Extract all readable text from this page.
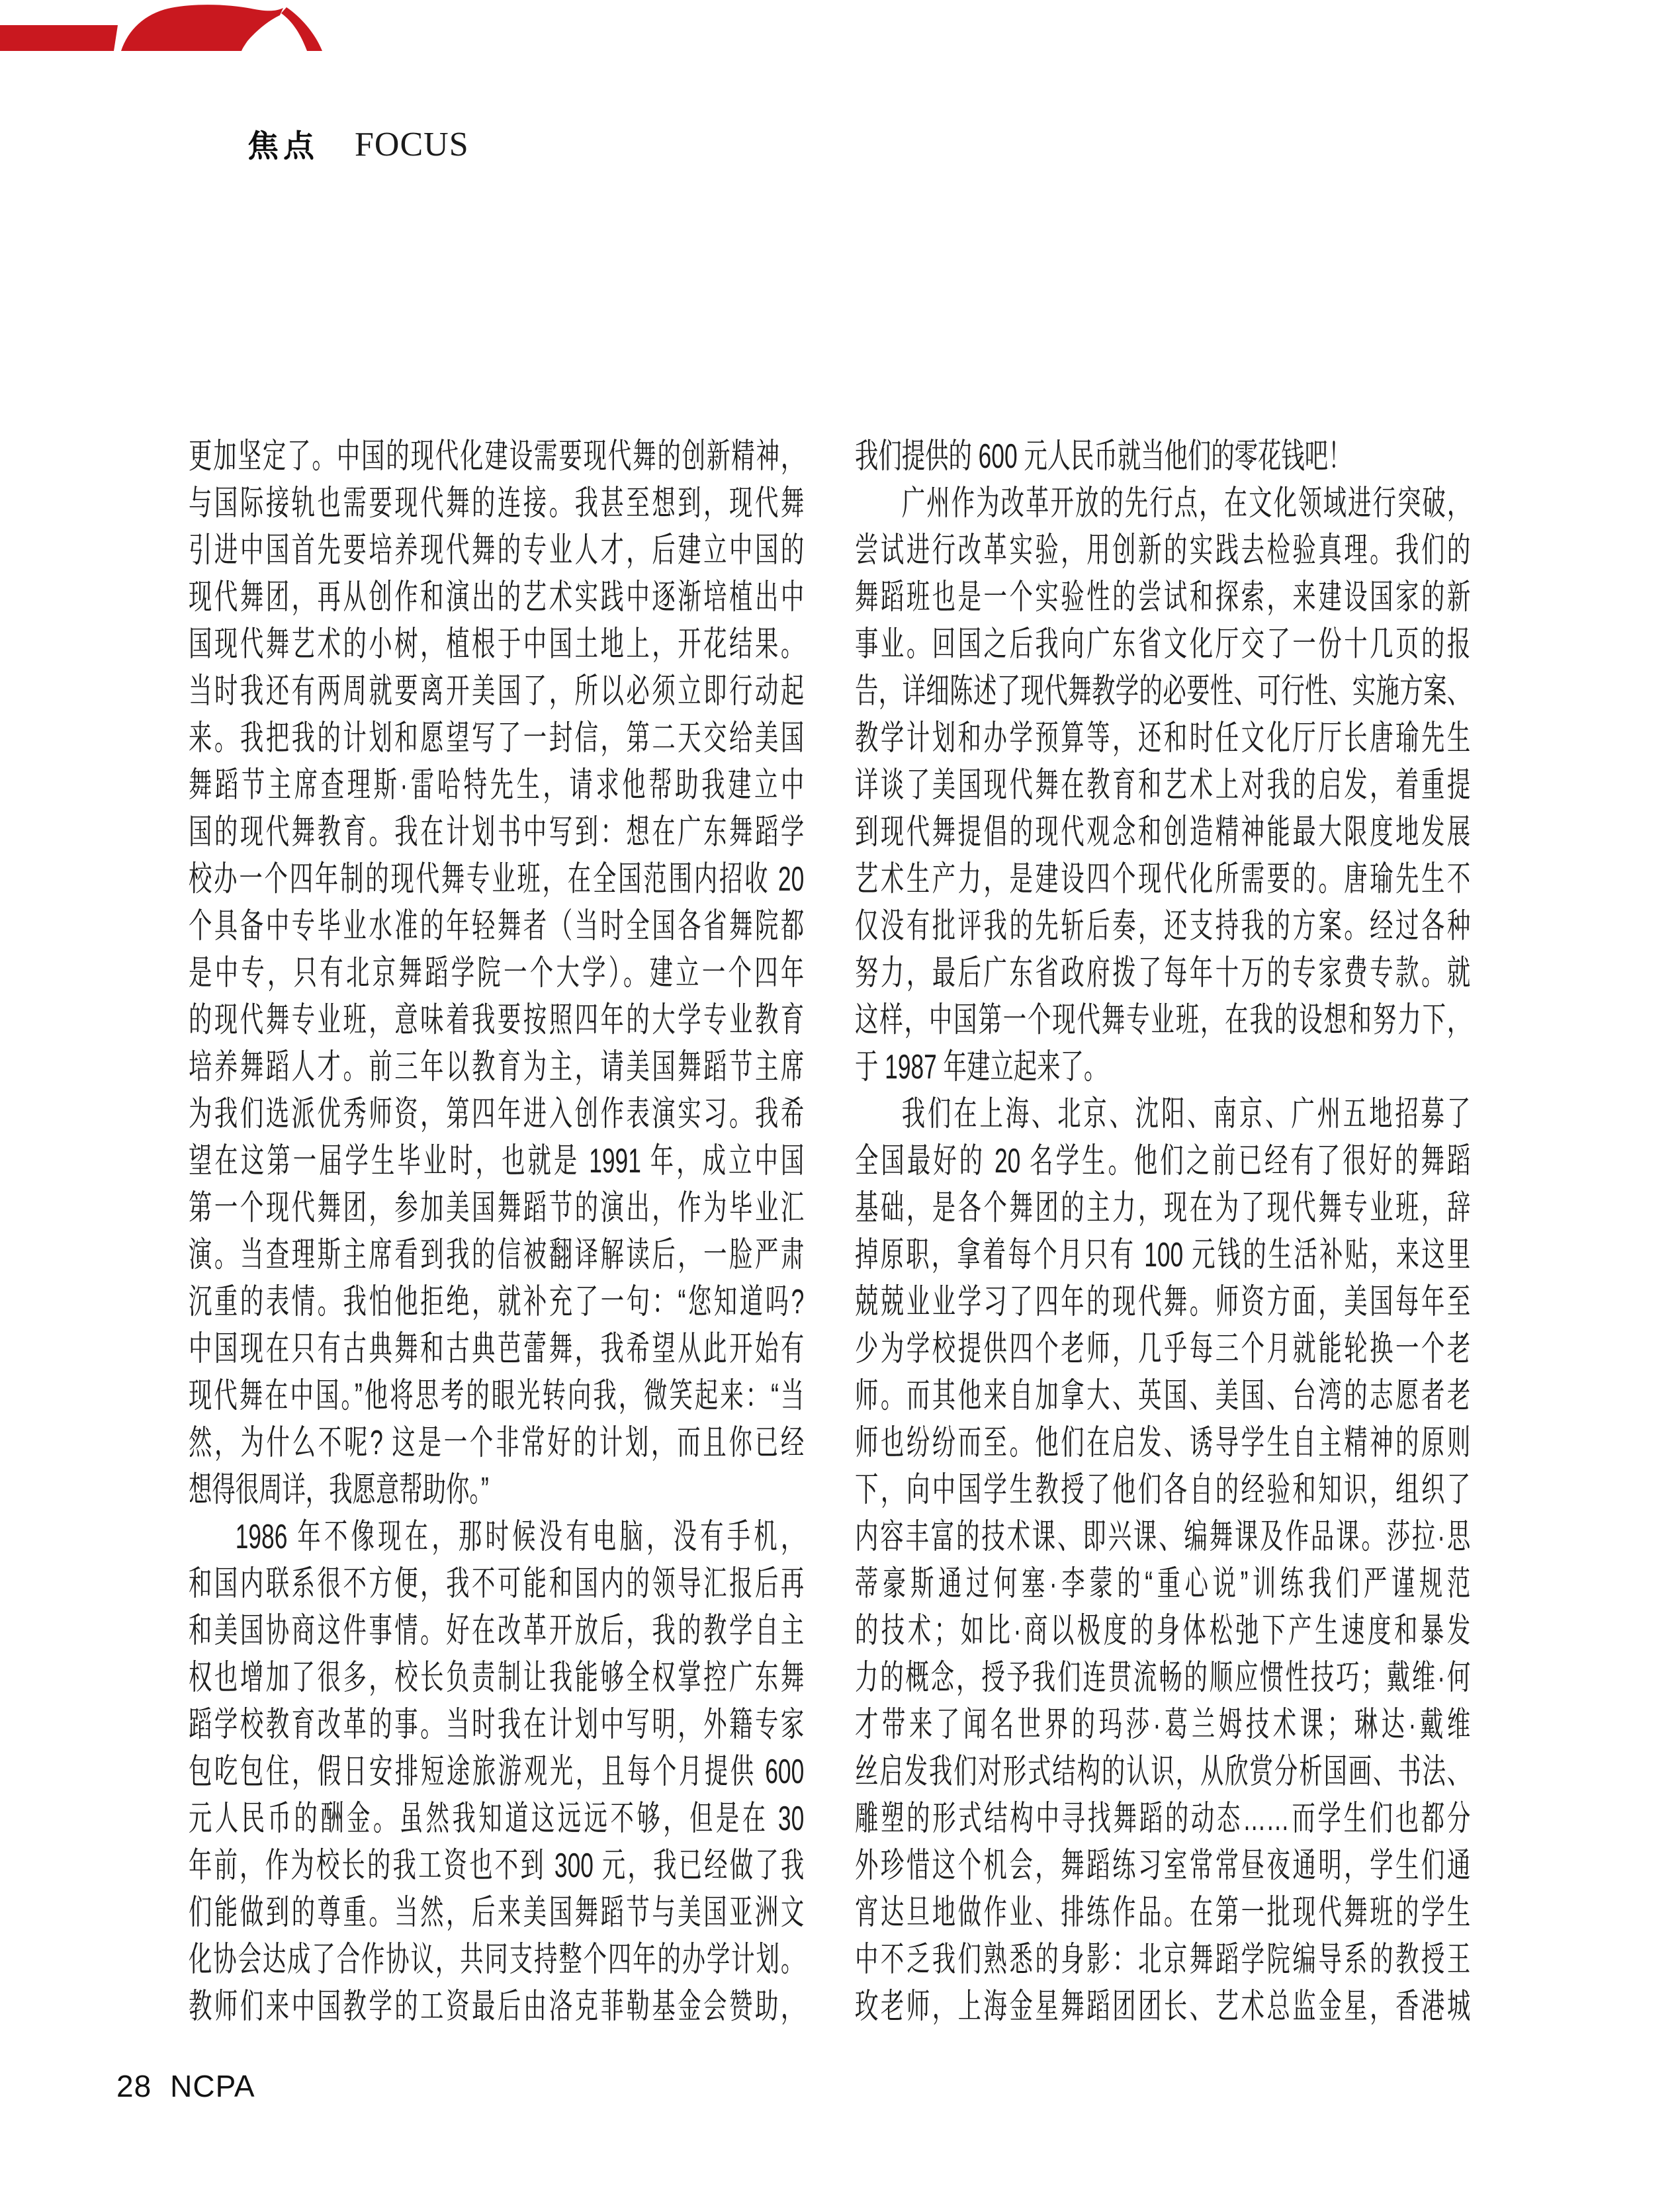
焦点 FOCUS
更加坚定了。中国的现代化建设需要现代舞的创新精神，
与国际接轨也需要现代舞的连接。我甚至想到，现代舞
引进中国首先要培养现代舞的专业人才，后建立中国的
现代舞团，再从创作和演出的艺术实践中逐渐培植出中
国现代舞艺术的小树，植根于中国土地上，开花结果。
当时我还有两周就要离开美国了，所以必须立即行动起
来。我把我的计划和愿望写了一封信，第二天交给美国
舞蹈节主席查理斯·雷哈特先生，请求他帮助我建立中
国的现代舞教育。我在计划书中写到：想在广东舞蹈学
校办一个四年制的现代舞专业班，在全国范围内招收 20
个具备中专毕业水准的年轻舞者（当时全国各省舞院都
是中专，只有北京舞蹈学院一个大学）。建立一个四年
的现代舞专业班，意味着我要按照四年的大学专业教育
培养舞蹈人才。前三年以教育为主，请美国舞蹈节主席
为我们选派优秀师资，第四年进入创作表演实习。我希
望在这第一届学生毕业时，也就是 1991 年，成立中国
第一个现代舞团，参加美国舞蹈节的演出，作为毕业汇
演。当查理斯主席看到我的信被翻译解读后，一脸严肃
沉重的表情。我怕他拒绝，就补充了一句：“您知道吗?
中国现在只有古典舞和古典芭蕾舞，我希望从此开始有
现代舞在中国。”他将思考的眼光转向我，微笑起来：“当
然，为什么不呢? 这是一个非常好的计划，而且你已经
想得很周详，我愿意帮助你。”
1986 年不像现在，那时候没有电脑，没有手机，
和国内联系很不方便，我不可能和国内的领导汇报后再
和美国协商这件事情。好在改革开放后，我的教学自主
权也增加了很多，校长负责制让我能够全权掌控广东舞
蹈学校教育改革的事。当时我在计划中写明，外籍专家
包吃包住，假日安排短途旅游观光，且每个月提供 600
元人民币的酬金。虽然我知道这远远不够，但是在 30
年前，作为校长的我工资也不到 300 元，我已经做了我
们能做到的尊重。当然，后来美国舞蹈节与美国亚洲文
化协会达成了合作协议，共同支持整个四年的办学计划。
教师们来中国教学的工资最后由洛克菲勒基金会赞助，
我们提供的 600 元人民币就当他们的零花钱吧！
广州作为改革开放的先行点，在文化领域进行突破，
尝试进行改革实验，用创新的实践去检验真理。我们的
舞蹈班也是一个实验性的尝试和探索，来建设国家的新
事业。回国之后我向广东省文化厅交了一份十几页的报
告，详细陈述了现代舞教学的必要性、可行性、实施方案、
教学计划和办学预算等，还和时任文化厅厅长唐瑜先生
详谈了美国现代舞在教育和艺术上对我的启发，着重提
到现代舞提倡的现代观念和创造精神能最大限度地发展
艺术生产力，是建设四个现代化所需要的。唐瑜先生不
仅没有批评我的先斩后奏，还支持我的方案。经过各种
努力，最后广东省政府拨了每年十万的专家费专款。就
这样，中国第一个现代舞专业班，在我的设想和努力下，
于 1987 年建立起来了。
我们在上海、北京、沈阳、南京、广州五地招募了
全国最好的 20 名学生。他们之前已经有了很好的舞蹈
基础，是各个舞团的主力，现在为了现代舞专业班，辞
掉原职，拿着每个月只有 100 元钱的生活补贴，来这里
兢兢业业学习了四年的现代舞。师资方面，美国每年至
少为学校提供四个老师，几乎每三个月就能轮换一个老
师。而其他来自加拿大、英国、美国、台湾的志愿者老
师也纷纷而至。他们在启发、诱导学生自主精神的原则
下，向中国学生教授了他们各自的经验和知识，组织了
内容丰富的技术课、即兴课、编舞课及作品课。莎拉·思
蒂豪斯通过何塞·李蒙的“重心说”训练我们严谨规范
的技术；如比·商以极度的身体松弛下产生速度和暴发
力的概念，授予我们连贯流畅的顺应惯性技巧；戴维·何
才带来了闻名世界的玛莎·葛兰姆技术课；琳达·戴维
丝启发我们对形式结构的认识，从欣赏分析国画、书法、
雕塑的形式结构中寻找舞蹈的动态……而学生们也都分
外珍惜这个机会，舞蹈练习室常常昼夜通明，学生们通
宵达旦地做作业、排练作品。在第一批现代舞班的学生
中不乏我们熟悉的身影：北京舞蹈学院编导系的教授王
玫老师，上海金星舞蹈团团长、艺术总监金星，香港城
28 NCPA
